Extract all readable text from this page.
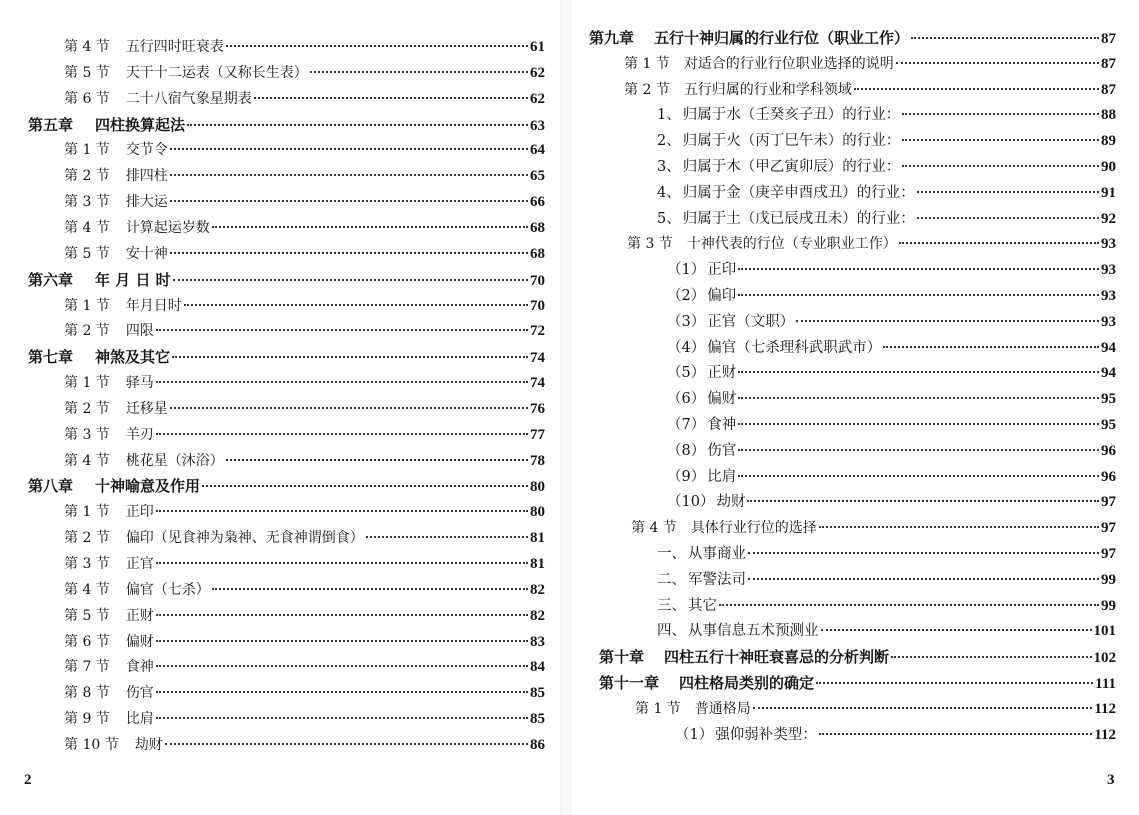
第 4 节 五行四时旺衰表	61
第 5 节 天干十二运表（又称长生表）	62
第 6 节 二十八宿气象星期表	62
第五章 四柱换算起法	63
第 1 节 交节令	64
第 2 节 排四柱	65
第 3 节 排大运	66
第 4 节 计算起运岁数	68
第 5 节 安十神	68
第六章 年 月 日 时	70
第 1 节 年月日时	70
第 2 节 四限	72
第七章 神煞及其它	74
第 1 节 驿马	74
第 2 节 迁移星	76
第 3 节 羊刃	77
第 4 节 桃花星（沐浴）	78
第八章 十神喻意及作用	80
第 1 节 正印	80
第 2 节 偏印（见食神为枭神、无食神谓倒食）	81
第 3 节 正官	81
第 4 节 偏官（七杀）	82
第 5 节 正财	82
第 6 节 偏财	83
第 7 节 食神	84
第 8 节 伤官	85
第 9 节 比肩	85
第 10 节 劫财	86
2
第九章 五行十神归属的行业行位（职业工作）	87
第 1 节 对适合的行业行位职业选择的说明	87
第 2 节 五行归属的行业和学科领域	87
1、 归属于水（壬癸亥子丑）的行业：	88
2、 归属于火（丙丁巳午未）的行业：	89
3、 归属于木（甲乙寅卯辰）的行业：	90
4、 归属于金（庚辛申酉戌丑）的行业：	91
5、 归属于土（戊已辰戌丑未）的行业：	92
第 3 节 十神代表的行位（专业职业工作）	93
（1） 正印	93
（2） 偏印	93
（3） 正官（文职）	93
（4） 偏官（七杀理科武职武市）	94
（5） 正财	94
（6） 偏财	95
（7） 食神	95
（8） 伤官	96
（9） 比肩	96
（10） 劫财	97
第 4 节 具体行业行位的选择	97
一、 从事商业	97
二、 军警法司	99
三、 其它	99
四、 从事信息五术预测业	101
第十章 四柱五行十神旺衰喜忌的分析判断	102
第十一章 四柱格局类别的确定	111
第 1 节 普通格局	112
（1） 强仰弱补类型：	112
3
